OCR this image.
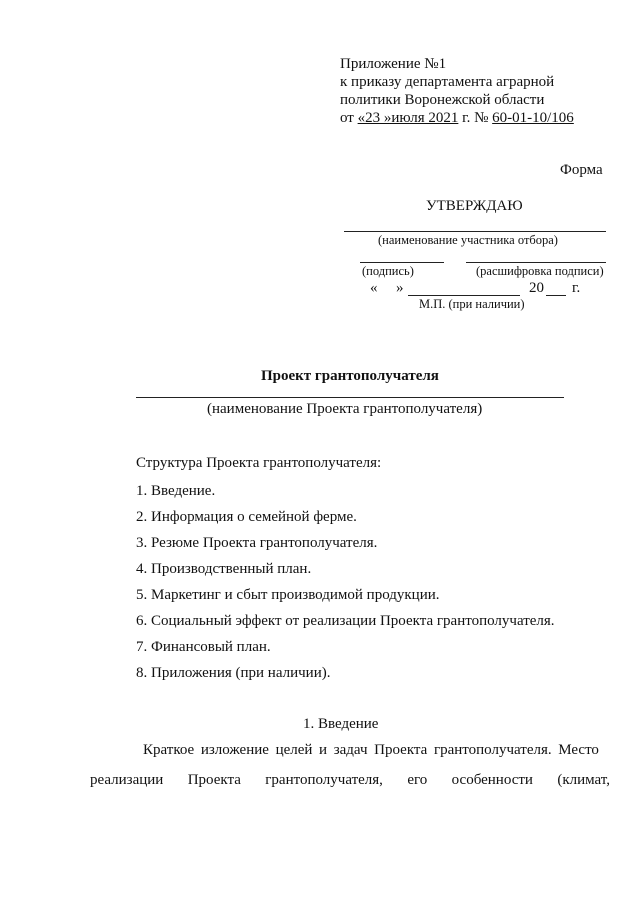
Приложение №1
к приказу департамента аграрной
политики Воронежской области
от «23 »июля 2021 г. № 60-01-10/106
Форма
УТВЕРЖДАЮ
(наименование участника отбора)
(подпись)	(расшифровка подписи)
« »	20 г.
М.П. (при наличии)
Проект грантополучателя
(наименование Проекта грантополучателя)
Структура Проекта грантополучателя:
1. Введение.
2. Информация о семейной ферме.
3. Резюме Проекта грантополучателя.
4. Производственный план.
5. Маркетинг и сбыт производимой продукции.
6. Социальный эффект от реализации Проекта грантополучателя.
7. Финансовый план.
8. Приложения (при наличии).
1. Введение
Краткое изложение целей и задач Проекта грантополучателя. Место
реализации Проекта грантополучателя, его особенности (климат,
